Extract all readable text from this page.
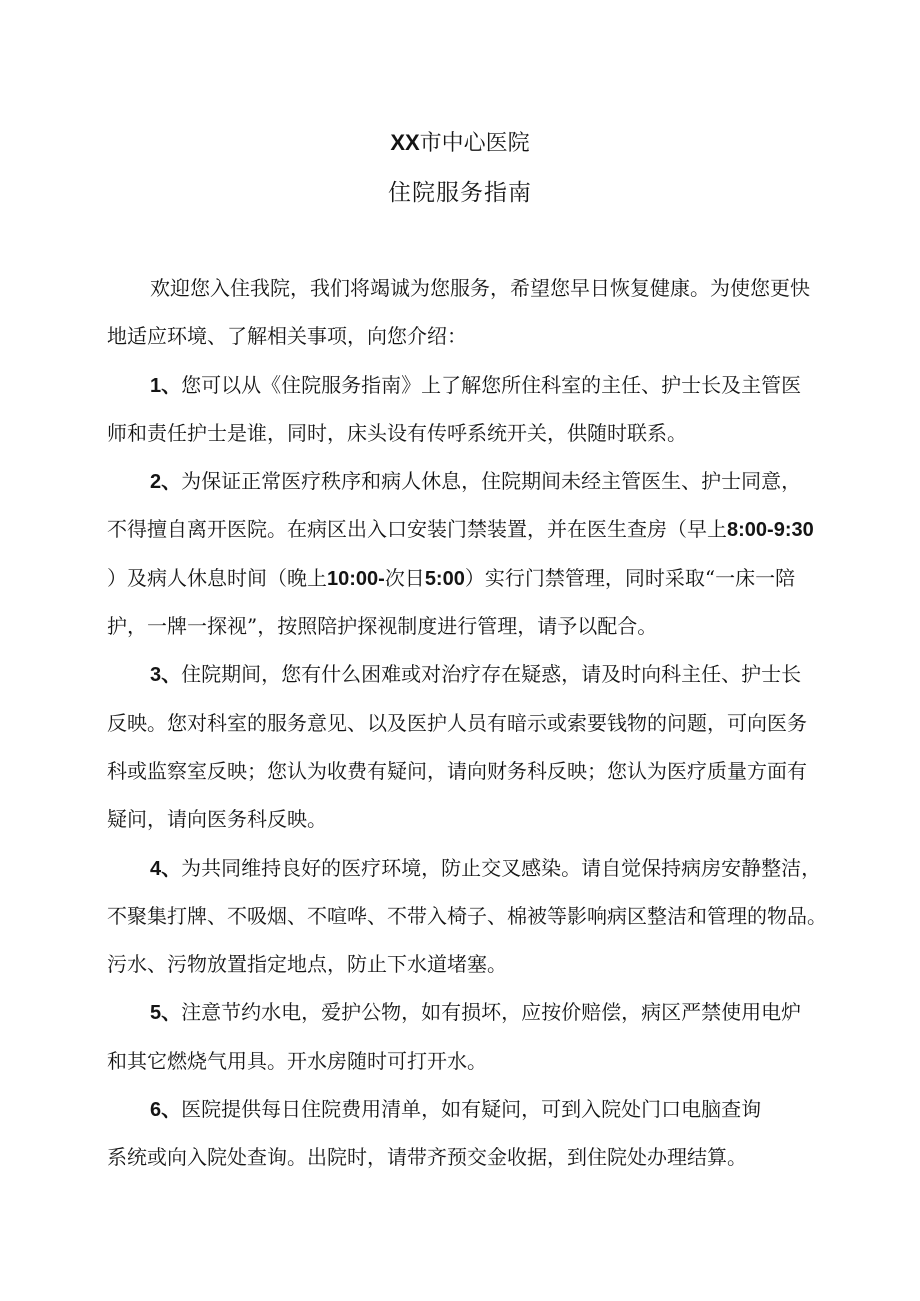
XX市中心医院
住院服务指南
欢迎您入住我院，我们将竭诚为您服务，希望您早日恢复健康。为使您更快
地适应环境、了解相关事项，向您介绍：
1、您可以从《住院服务指南》上了解您所住科室的主任、护士长及主管医
师和责任护士是谁，同时，床头设有传呼系统开关，供随时联系。
2、为保证正常医疗秩序和病人休息，住院期间未经主管医生、护士同意，
不得擅自离开医院。在病区出入口安装门禁装置，并在医生查房（早上8:00-9:30
）及病人休息时间（晚上10:00-次日5:00）实行门禁管理，同时采取“一床一陪
护，一牌一探视”，按照陪护探视制度进行管理，请予以配合。
3、住院期间，您有什么困难或对治疗存在疑惑，请及时向科主任、护士长
反映。您对科室的服务意见、以及医护人员有暗示或索要钱物的问题，可向医务
科或监察室反映；您认为收费有疑问，请向财务科反映；您认为医疗质量方面有
疑问，请向医务科反映。
4、为共同维持良好的医疗环境，防止交叉感染。请自觉保持病房安静整洁，
不聚集打牌、不吸烟、不喧哗、不带入椅子、棉被等影响病区整洁和管理的物品。
污水、污物放置指定地点，防止下水道堵塞。
5、注意节约水电，爱护公物，如有损坏，应按价赔偿，病区严禁使用电炉
和其它燃烧气用具。开水房随时可打开水。
6、医院提供每日住院费用清单，如有疑问，可到入院处门口电脑查询
系统或向入院处查询。出院时，请带齐预交金收据，到住院处办理结算。
